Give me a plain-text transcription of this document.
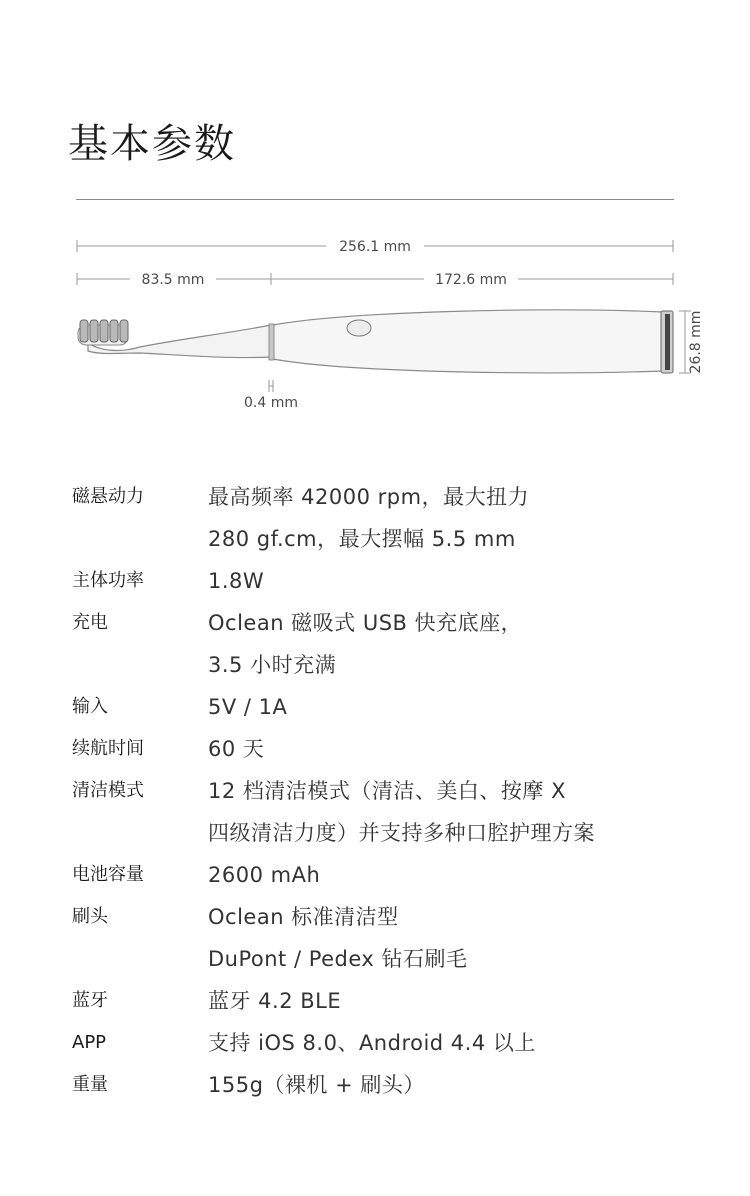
基本参数
256.1 mm
83.5 mm	172.6 mm
26.8 mm
0.4 mm
磁悬动力	最高频率 42000 rpm，最大扭力
280 gf.cm，最大摆幅 5.5 mm
主体功率	1.8W
充电	Oclean 磁吸式 USB 快充底座，
3.5 小时充满
输入	5V / 1A
续航时间	60 天
清洁模式	12 档清洁模式（清洁、美白、按摩 X
四级清洁力度）并支持多种口腔护理方案
电池容量	2600 mAh
刷头	Oclean 标准清洁型
DuPont / Pedex 钻石刷毛
蓝牙	蓝牙 4.2 BLE
APP	支持 iOS 8.0、Android 4.4 以上
重量	155g（裸机 + 刷头）
